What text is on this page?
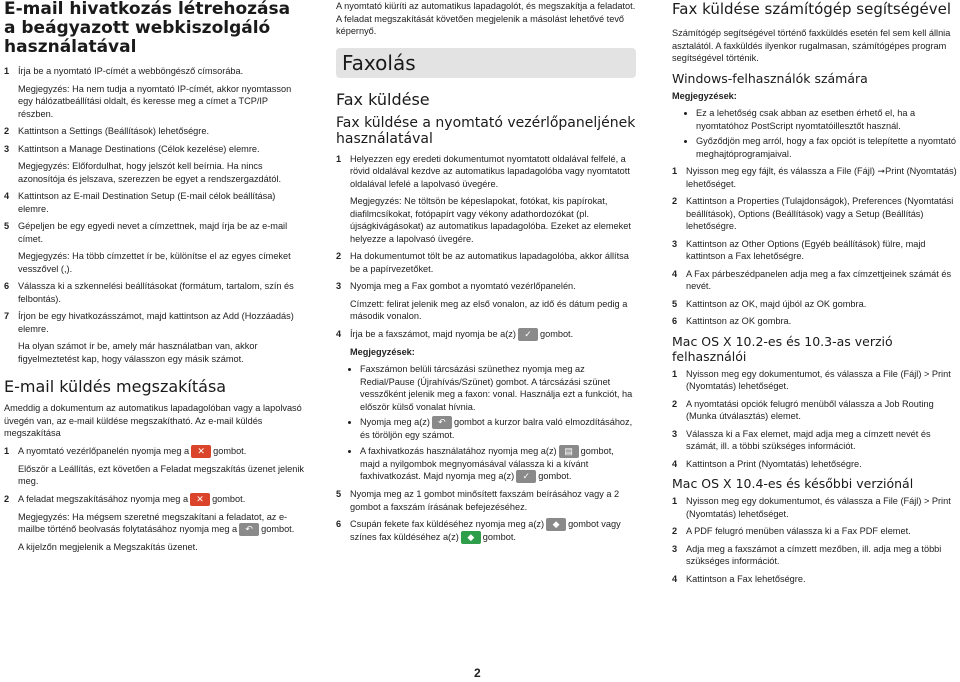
E-mail hivatkozás létrehozása a beágyazott webkiszolgáló használatával
1 Írja be a nyomtató IP-címét a webböngésző címsorába.

Megjegyzés: Ha nem tudja a nyomtató IP-címét, akkor nyomtasson egy hálózatbeállítási oldalt, és keresse meg a címet a TCP/IP részben.

2 Kattintson a Settings (Beállítások) lehetőségre.
3 Kattintson a Manage Destinations (Célok kezelése) elemre.

Megjegyzés: Előfordulhat, hogy jelszót kell beírnia. Ha nincs azonosítója és jelszava, szerezzen be egyet a rendszergazdától.

4 Kattintson az E-mail Destination Setup (E-mail célok beállítása) elemre.
5 Gépeljen be egy egyedi nevet a címzettnek, majd írja be az e-mail címet.

Megjegyzés: Ha több címzettet ír be, különítse el az egyes címeket vesszővel (,).

6 Válassza ki a szkennelési beállításokat (formátum, tartalom, szín és felbontás).
7 Írjon be egy hivatkozásszámot, majd kattintson az Add (Hozzáadás) elemre.

Ha olyan számot ír be, amely már használatban van, akkor figyelmeztetést kap, hogy válasszon egy másik számot.

E-mail küldés megszakítása

Ameddig a dokumentum az automatikus lapadagolóban vagy a lapolvasó üvegén van, az e-mail küldése megszakítható. Az e-mail küldés megszakítása

1 A nyomtató vezérlőpanelén nyomja meg a ✕ gombot.

Először a Leállítás, ezt követően a Feladat megszakítás üzenet jelenik meg.

2 A feladat megszakításához nyomja meg a ✕ gombot.

Megjegyzés: Ha mégsem szeretné megszakítani a feladatot, az e-mailbe történő beolvasás folytatásához nyomja meg a ↶ gombot.

A kijelzőn megjelenik a Megszakítás üzenet.

A nyomtató kiüríti az automatikus lapadagolót, és megszakítja a feladatot. A feladat megszakítását követően megjelenik a másolást lehetővé tevő képernyő.

Faxolás
Fax küldése
Fax küldése a nyomtató vezérlőpaneljének használatával
1 Helyezzen egy eredeti dokumentumot nyomtatott oldalával felfelé, a rövid oldalával kezdve az automatikus lapadagolóba vagy nyomtatott oldalával lefelé a lapolvasó üvegére.

Megjegyzés: Ne töltsön be képeslapokat, fotókat, kis papírokat, diafilmcsíkokat, fotópapírt vagy vékony adathordozókat (pl. újságkivágásokat) az automatikus lapadagolóba. Ezeket az elemeket helyezze a lapolvasó üvegére.

2 Ha dokumentumot tölt be az automatikus lapadagolóba, akkor állítsa be a papírvezetőket.
3 Nyomja meg a Fax gombot a nyomtató vezérlőpanelén.

Címzett: felirat jelenik meg az első vonalon, az idő és dátum pedig a második vonalon.

4 Írja be a faxszámot, majd nyomja be a(z) ✓ gombot.

Megjegyzések:

• Faxszámon belüli tárcsázási szünethez nyomja meg az Redial/Pause (Újrahívás/Szünet) gombot. A tárcsázási szünet vesszőként jelenik meg a faxon: vonal. Használja ezt a funkciót, ha először külső vonalat hívnia.
• Nyomja meg a(z) ↶ gombot a kurzor balra való elmozdításához, és töröljön egy számot.
• A faxhivatkozás használatához nyomja meg a(z) ▤ gombot, majd a nyilgombok megnyomásával válassza ki a kívánt faxhivatkozást. Majd nyomja meg a(z) ✓ gombot.
5 Nyomja meg az 1 gombot minősített faxszám beírásához vagy a 2 gombot a faxszám írásának befejezéséhez.
6 Csupán fekete fax küldéséhez nyomja meg a(z) ◆ gombot vagy színes fax küldéséhez a(z) ◆ gombot.
Fax küldése számítógép segítségével

Számítógép segítségével történő faxküldés esetén fel sem kell állnia asztalától. A faxküldés ilyenkor rugalmasan, számítógépes program segítségével történik.

Windows-felhasználók számára

Megjegyzések:

• Ez a lehetőség csak abban az esetben érhető el, ha a nyomtatóhoz PostScript nyomtatóillesztőt használ.
• Győződjön meg arról, hogy a fax opciót is telepítette a nyomtató meghajtóprogramjaival.
1 Nyisson meg egy fájlt, és válassza a File (Fájl) ➞Print (Nyomtatás) lehetőséget.
2 Kattintson a Properties (Tulajdonságok), Preferences (Nyomtatási beállítások), Options (Beállítások) vagy a Setup (Beállítás) lehetőségre.
3 Kattintson az Other Options (Egyéb beállítások) fülre, majd kattintson a Fax lehetőségre.
4 A Fax párbeszédpanelen adja meg a fax címzettjeinek számát és nevét.
5 Kattintson az OK, majd újból az OK gombra.
6 Kattintson az OK gombra.
Mac OS X 10.2-es és 10.3-as verzió felhasználói
1 Nyisson meg egy dokumentumot, és válassza a File (Fájl) > Print (Nyomtatás) lehetőséget.
2 A nyomtatási opciók felugró menüből válassza a Job Routing (Munka útválasztás) elemet.
3 Válassza ki a Fax elemet, majd adja meg a címzett nevét és számát, ill. a többi szükséges információt.
4 Kattintson a Print (Nyomtatás) lehetőségre.
Mac OS X 10.4-es és későbbi verziónál
1 Nyisson meg egy dokumentumot, és válassza a File (Fájl) > Print (Nyomtatás) lehetőséget.
2 A PDF felugró menüben válassza ki a Fax PDF elemet.
3 Adja meg a faxszámot a címzett mezőben, ill. adja meg a többi szükséges információt.
4 Kattintson a Fax lehetőségre.
2
